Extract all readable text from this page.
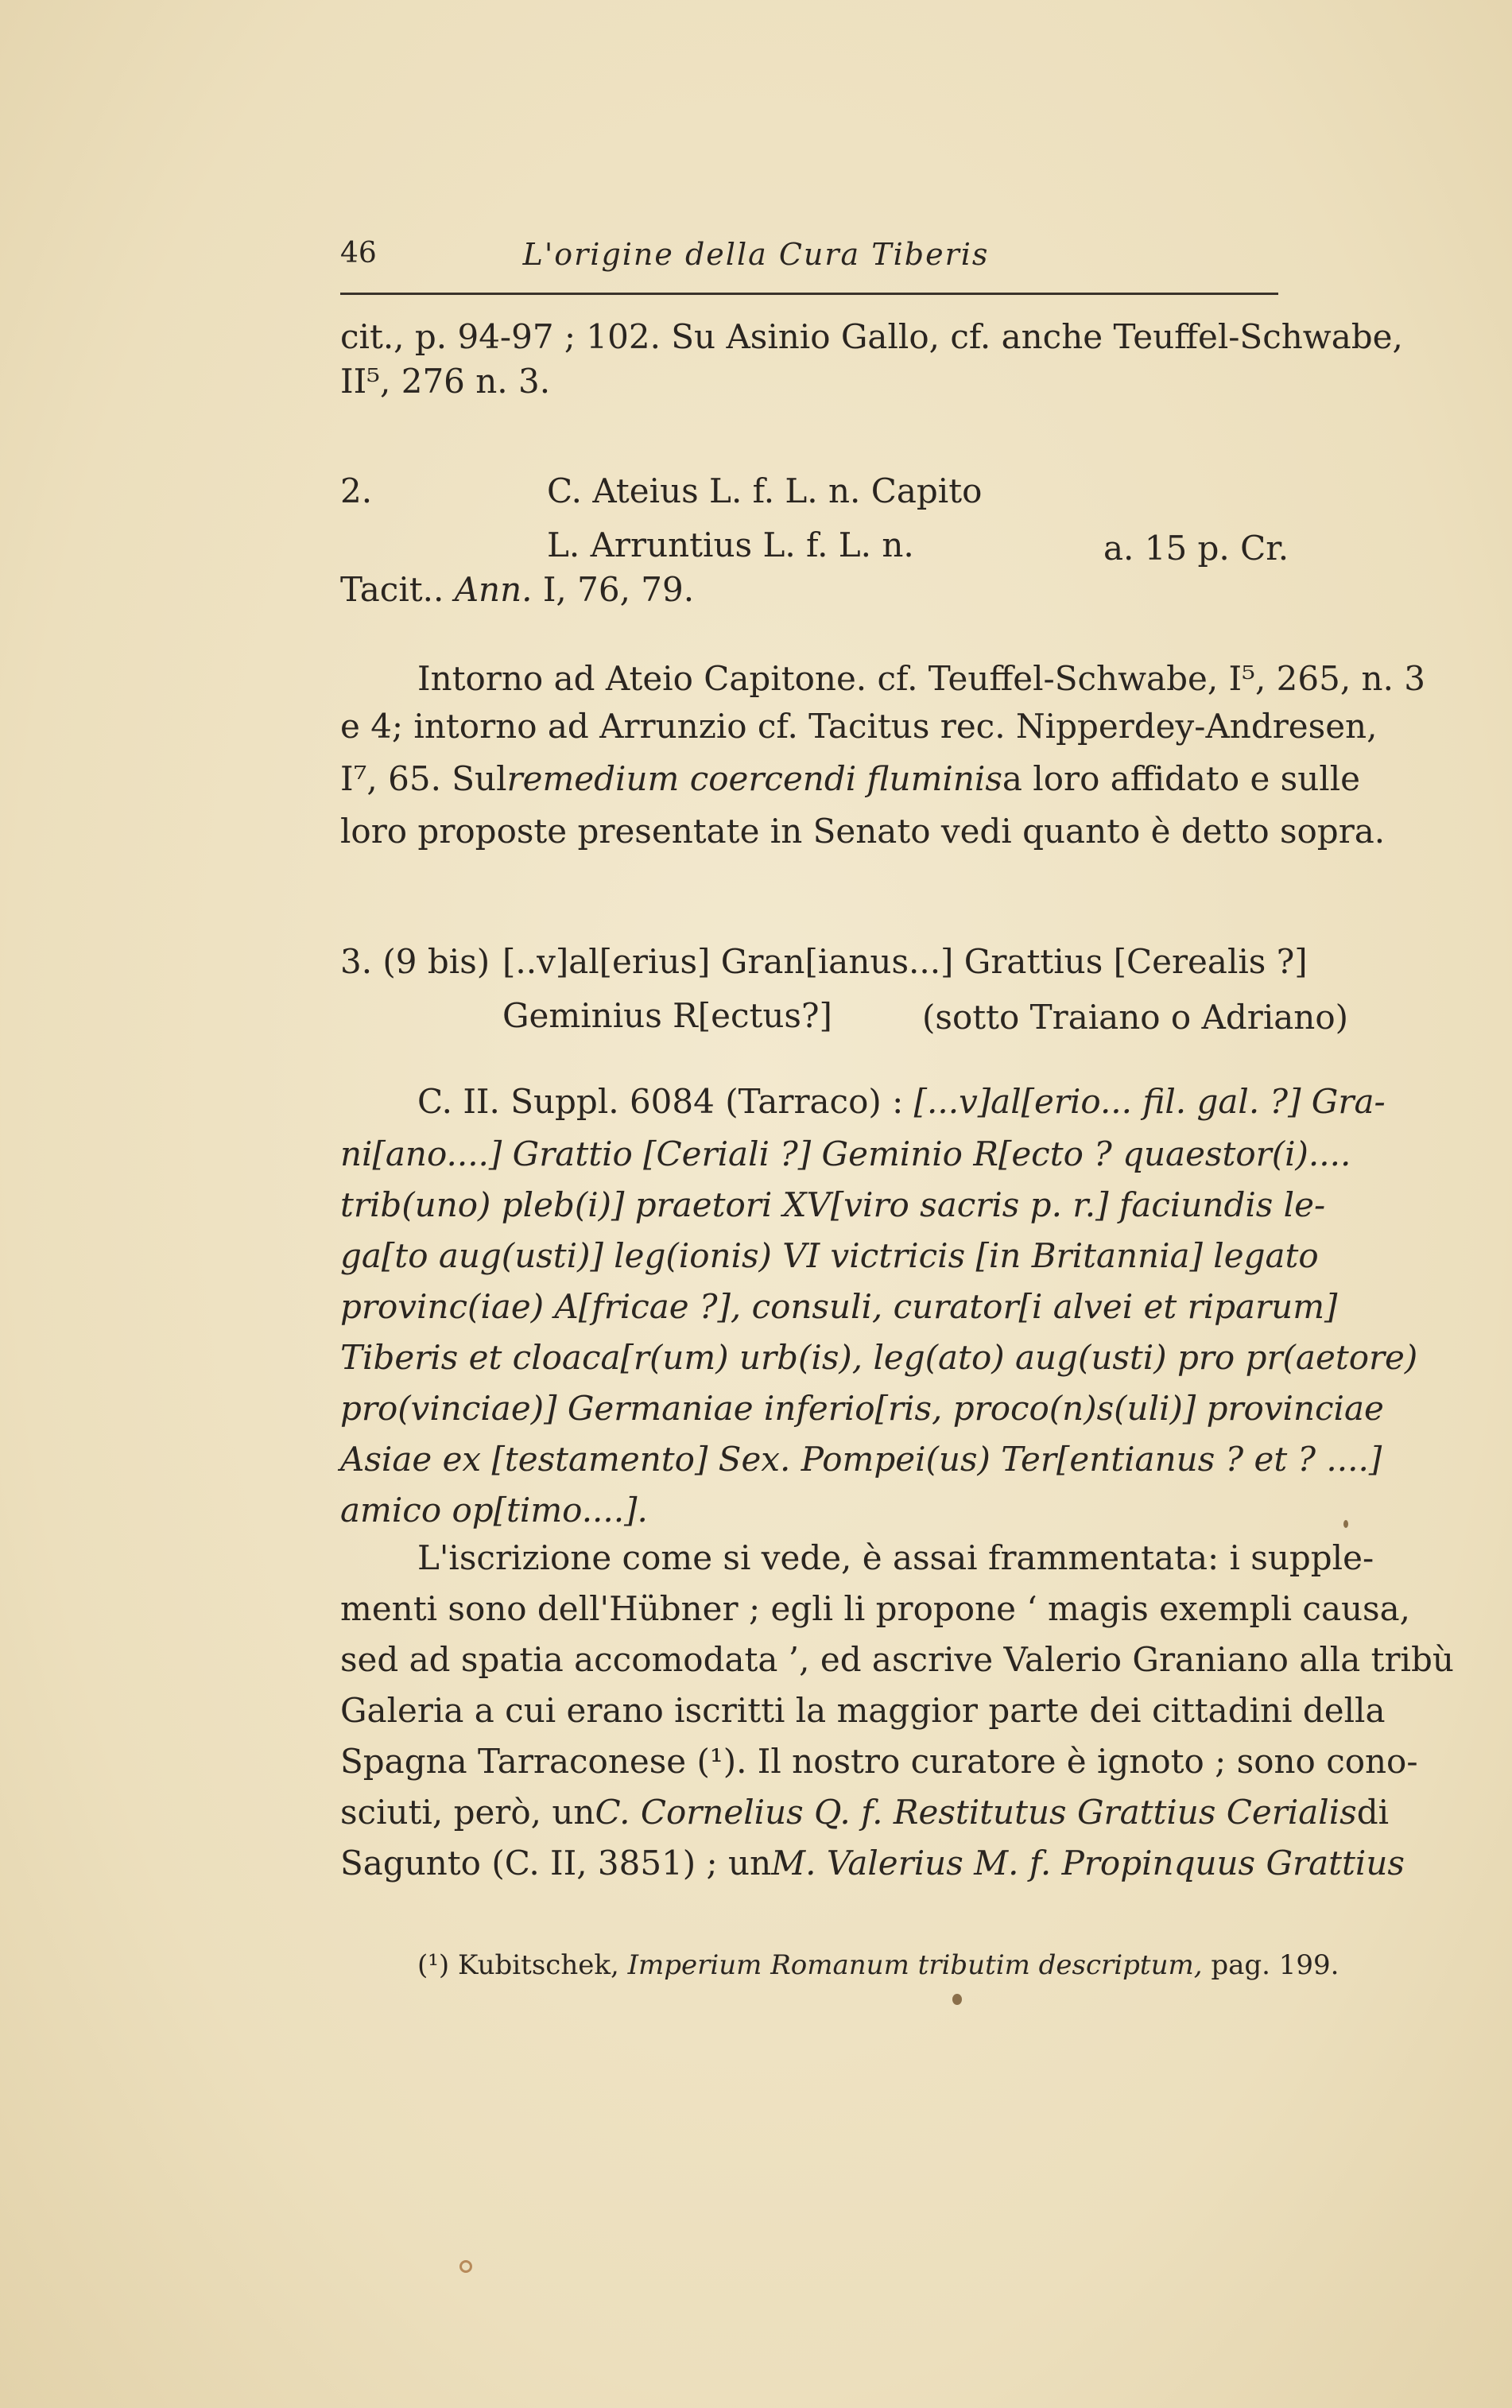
46	L'origine della Cura Tiberis
cit., p. 94-97 ; 102. Su Asinio Gallo, cf. anche Teuffel-Schwabe,
II⁵, 276 n. 3.
2.	C. Ateius L. f. L. n. Capito
L. Arruntius L. f. L. n.	a. 15 p. Cr.
Tacit.. Ann. I, 76, 79.
Intorno ad Ateio Capitone. cf. Teuffel-Schwabe, I⁵, 265, n. 3
e 4; intorno ad Arrunzio cf. Tacitus rec. Nipperdey-Andresen,
I⁷, 65. Sul remedium coercendi fluminis a loro affidato e sulle
loro proposte presentate in Senato vedi quanto è detto sopra.
3. (9 bis) [..v]al[erius] Gran[ianus...] Grattius [Cerealis ?]
Geminius R[ectus?]	(sotto Traiano o Adriano)
C. II. Suppl. 6084 (Tarraco) : [...v]al[erio... fil. gal. ?] Gra-
ni[ano....] Grattio [Ceriali ?] Geminio R[ecto ? quaestor(i)....
trib(uno) pleb(i)] praetori XV[viro sacris p. r.] faciundis le-
ga[to aug(usti)] leg(ionis) VI victricis [in Britannia] legato
provinc(iae) A[fricae ?], consuli, curator[i alvei et riparum]
Tiberis et cloaca[r(um) urb(is), leg(ato) aug(usti) pro pr(aetore)
pro(vinciae)] Germaniae inferio[ris, proco(n)s(uli)] provinciae
Asiae ex [testamento] Sex. Pompei(us) Ter[entianus ? et ? ....]
amico op[timo....].
L'iscrizione come si vede, è assai frammentata: i supple-
menti sono dell'Hübner ; egli li propone ‘ magis exempli causa,
sed ad spatia accomodata ’, ed ascrive Valerio Graniano alla tribù
Galeria a cui erano iscritti la maggior parte dei cittadini della
Spagna Tarraconese (¹). Il nostro curatore è ignoto ; sono cono-
sciuti, però, un C. Cornelius Q. f. Restitutus Grattius Cerialis di
Sagunto (C. II, 3851) ; un M. Valerius M. f. Propinquus Grattius
(¹) Kubitschek, Imperium Romanum tributim descriptum, pag. 199.
